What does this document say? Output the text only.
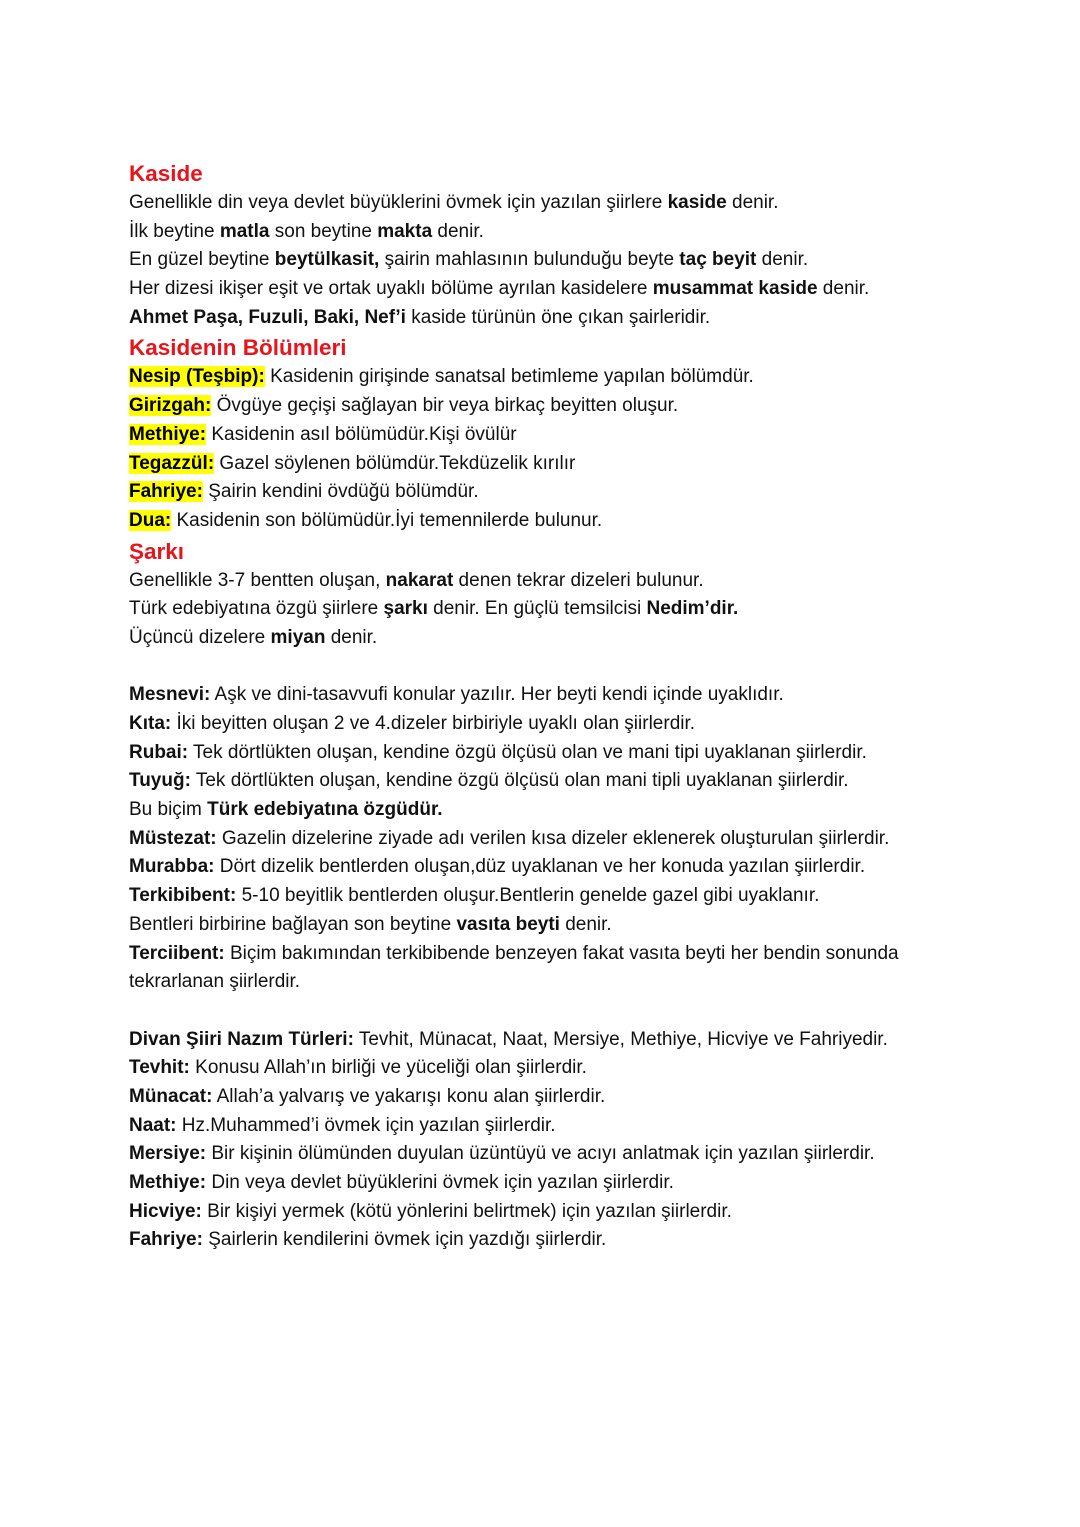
Kaside

Genellikle din veya devlet büyüklerini övmek için yazılan şiirlere kaside denir.

İlk beytine matla son beytine makta denir.

En güzel beytine beytülkasit, şairin mahlasının bulunduğu beyte taç beyit denir.

Her dizesi ikişer eşit ve ortak uyaklı bölüme ayrılan kasidelere musammat kaside denir.

Ahmet Paşa, Fuzuli, Baki, Nef’i kaside türünün öne çıkan şairleridir.

Kasidenin Bölümleri

Nesip (Teşbip): Kasidenin girişinde sanatsal betimleme yapılan bölümdür.

Girizgah: Övgüye geçişi sağlayan bir veya birkaç beyitten oluşur.

Methiye: Kasidenin asıl bölümüdür.Kişi övülür

Tegazzül: Gazel söylenen bölümdür.Tekdüzelik kırılır

Fahriye: Şairin kendini övdüğü bölümdür.

Dua: Kasidenin son bölümüdür.İyi temennilerde bulunur.

Şarkı

Genellikle 3-7 bentten oluşan, nakarat denen tekrar dizeleri bulunur.

Türk edebiyatına özgü şiirlere şarkı denir. En güçlü temsilcisi Nedim’dir.

Üçüncü dizelere miyan denir.

Mesnevi: Aşk ve dini-tasavvufi konular yazılır. Her beyti kendi içinde uyaklıdır.

Kıta: İki beyitten oluşan 2 ve 4.dizeler birbiriyle uyaklı olan şiirlerdir.

Rubai: Tek dörtlükten oluşan, kendine özgü ölçüsü olan ve mani tipi uyaklanan şiirlerdir.

Tuyuğ: Tek dörtlükten oluşan, kendine özgü ölçüsü olan mani tipli uyaklanan şiirlerdir.

Bu biçim Türk edebiyatına özgüdür.

Müstezat: Gazelin dizelerine ziyade adı verilen kısa dizeler eklenerek oluşturulan şiirlerdir.

Murabba: Dört dizelik bentlerden oluşan,düz uyaklanan ve her konuda yazılan şiirlerdir.

Terkibibent: 5-10 beyitlik bentlerden oluşur.Bentlerin genelde gazel gibi uyaklanır.

Bentleri birbirine bağlayan son beytine vasıta beyti denir.

Terciibent: Biçim bakımından terkibibende benzeyen fakat vasıta beyti her bendin sonunda

tekrarlanan şiirlerdir.

Divan Şiiri Nazım Türleri: Tevhit, Münacat, Naat, Mersiye, Methiye, Hicviye ve Fahriyedir.

Tevhit: Konusu Allah’ın birliği ve yüceliği olan şiirlerdir.

Münacat: Allah’a yalvarış ve yakarışı konu alan şiirlerdir.

Naat: Hz.Muhammed’i övmek için yazılan şiirlerdir.

Mersiye: Bir kişinin ölümünden duyulan üzüntüyü ve acıyı anlatmak için yazılan şiirlerdir.

Methiye: Din veya devlet büyüklerini övmek için yazılan şiirlerdir.

Hicviye: Bir kişiyi yermek (kötü yönlerini belirtmek) için yazılan şiirlerdir.

Fahriye: Şairlerin kendilerini övmek için yazdığı şiirlerdir.
